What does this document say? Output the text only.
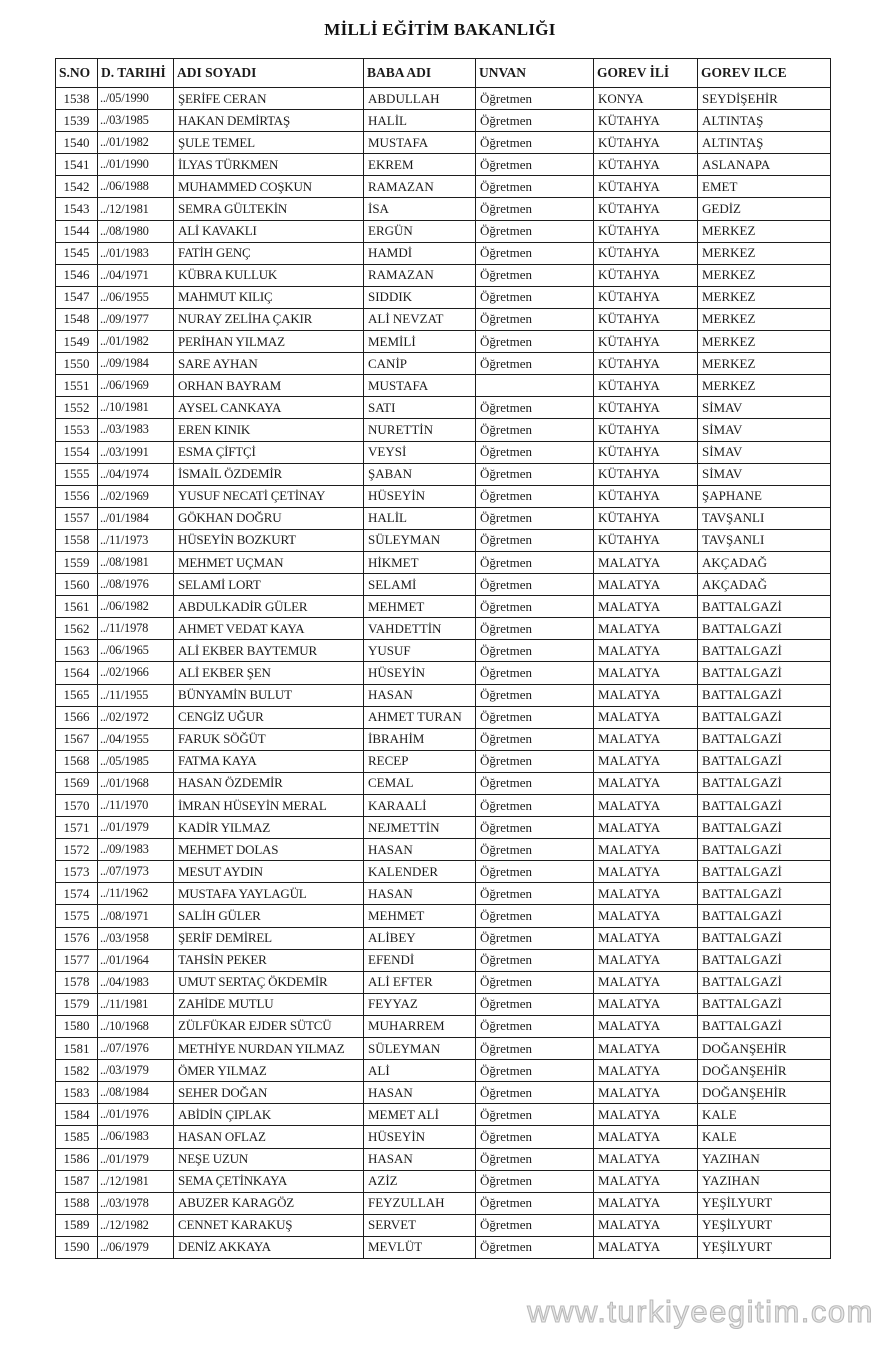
MİLLİ EĞİTİM BAKANLIĞI
S.NO	D. TARIHİ	ADI SOYADI	BABA ADI	UNVAN	GOREV İLİ	GOREV ILCE
1538	../05/1990	ŞERİFE CERAN	ABDULLAH	Öğretmen	KONYA	SEYDİŞEHİR
1539	../03/1985	HAKAN DEMİRTAŞ	HALİL	Öğretmen	KÜTAHYA	ALTINTAŞ
1540	../01/1982	ŞULE TEMEL	MUSTAFA	Öğretmen	KÜTAHYA	ALTINTAŞ
1541	../01/1990	İLYAS TÜRKMEN	EKREM	Öğretmen	KÜTAHYA	ASLANAPA
1542	../06/1988	MUHAMMED COŞKUN	RAMAZAN	Öğretmen	KÜTAHYA	EMET
1543	../12/1981	SEMRA GÜLTEKİN	İSA	Öğretmen	KÜTAHYA	GEDİZ
1544	../08/1980	ALİ KAVAKLI	ERGÜN	Öğretmen	KÜTAHYA	MERKEZ
1545	../01/1983	FATİH GENÇ	HAMDİ	Öğretmen	KÜTAHYA	MERKEZ
1546	../04/1971	KÜBRA KULLUK	RAMAZAN	Öğretmen	KÜTAHYA	MERKEZ
1547	../06/1955	MAHMUT KILIÇ	SIDDIK	Öğretmen	KÜTAHYA	MERKEZ
1548	../09/1977	NURAY ZELİHA ÇAKIR	ALİ NEVZAT	Öğretmen	KÜTAHYA	MERKEZ
1549	../01/1982	PERİHAN YILMAZ	MEMİLİ	Öğretmen	KÜTAHYA	MERKEZ
1550	../09/1984	SARE AYHAN	CANİP	Öğretmen	KÜTAHYA	MERKEZ
1551	../06/1969	ORHAN BAYRAM	MUSTAFA		KÜTAHYA	MERKEZ
1552	../10/1981	AYSEL CANKAYA	SATI	Öğretmen	KÜTAHYA	SİMAV
1553	../03/1983	EREN KINIK	NURETTİN	Öğretmen	KÜTAHYA	SİMAV
1554	../03/1991	ESMA ÇİFTÇİ	VEYSİ	Öğretmen	KÜTAHYA	SİMAV
1555	../04/1974	İSMAİL ÖZDEMİR	ŞABAN	Öğretmen	KÜTAHYA	SİMAV
1556	../02/1969	YUSUF NECATİ ÇETİNAY	HÜSEYİN	Öğretmen	KÜTAHYA	ŞAPHANE
1557	../01/1984	GÖKHAN DOĞRU	HALİL	Öğretmen	KÜTAHYA	TAVŞANLI
1558	../11/1973	HÜSEYİN BOZKURT	SÜLEYMAN	Öğretmen	KÜTAHYA	TAVŞANLI
1559	../08/1981	MEHMET UÇMAN	HİKMET	Öğretmen	MALATYA	AKÇADAĞ
1560	../08/1976	SELAMİ LORT	SELAMİ	Öğretmen	MALATYA	AKÇADAĞ
1561	../06/1982	ABDULKADİR GÜLER	MEHMET	Öğretmen	MALATYA	BATTALGAZİ
1562	../11/1978	AHMET VEDAT KAYA	VAHDETTİN	Öğretmen	MALATYA	BATTALGAZİ
1563	../06/1965	ALİ EKBER BAYTEMUR	YUSUF	Öğretmen	MALATYA	BATTALGAZİ
1564	../02/1966	ALİ EKBER ŞEN	HÜSEYİN	Öğretmen	MALATYA	BATTALGAZİ
1565	../11/1955	BÜNYAMİN BULUT	HASAN	Öğretmen	MALATYA	BATTALGAZİ
1566	../02/1972	CENGİZ UĞUR	AHMET TURAN	Öğretmen	MALATYA	BATTALGAZİ
1567	../04/1955	FARUK SÖĞÜT	İBRAHİM	Öğretmen	MALATYA	BATTALGAZİ
1568	../05/1985	FATMA KAYA	RECEP	Öğretmen	MALATYA	BATTALGAZİ
1569	../01/1968	HASAN ÖZDEMİR	CEMAL	Öğretmen	MALATYA	BATTALGAZİ
1570	../11/1970	İMRAN HÜSEYİN MERAL	KARAALİ	Öğretmen	MALATYA	BATTALGAZİ
1571	../01/1979	KADİR YILMAZ	NEJMETTİN	Öğretmen	MALATYA	BATTALGAZİ
1572	../09/1983	MEHMET DOLAS	HASAN	Öğretmen	MALATYA	BATTALGAZİ
1573	../07/1973	MESUT AYDIN	KALENDER	Öğretmen	MALATYA	BATTALGAZİ
1574	../11/1962	MUSTAFA YAYLAGÜL	HASAN	Öğretmen	MALATYA	BATTALGAZİ
1575	../08/1971	SALİH GÜLER	MEHMET	Öğretmen	MALATYA	BATTALGAZİ
1576	../03/1958	ŞERİF DEMİREL	ALİBEY	Öğretmen	MALATYA	BATTALGAZİ
1577	../01/1964	TAHSİN PEKER	EFENDİ	Öğretmen	MALATYA	BATTALGAZİ
1578	../04/1983	UMUT SERTAÇ ÖKDEMİR	ALİ EFTER	Öğretmen	MALATYA	BATTALGAZİ
1579	../11/1981	ZAHİDE MUTLU	FEYYAZ	Öğretmen	MALATYA	BATTALGAZİ
1580	../10/1968	ZÜLFÜKAR EJDER SÜTCÜ	MUHARREM	Öğretmen	MALATYA	BATTALGAZİ
1581	../07/1976	METHİYE NURDAN YILMAZ	SÜLEYMAN	Öğretmen	MALATYA	DOĞANŞEHİR
1582	../03/1979	ÖMER YILMAZ	ALİ	Öğretmen	MALATYA	DOĞANŞEHİR
1583	../08/1984	SEHER DOĞAN	HASAN	Öğretmen	MALATYA	DOĞANŞEHİR
1584	../01/1976	ABİDİN ÇIPLAK	MEMET ALİ	Öğretmen	MALATYA	KALE
1585	../06/1983	HASAN OFLAZ	HÜSEYİN	Öğretmen	MALATYA	KALE
1586	../01/1979	NEŞE UZUN	HASAN	Öğretmen	MALATYA	YAZIHAN
1587	../12/1981	SEMA ÇETİNKAYA	AZİZ	Öğretmen	MALATYA	YAZIHAN
1588	../03/1978	ABUZER KARAGÖZ	FEYZULLAH	Öğretmen	MALATYA	YEŞİLYURT
1589	../12/1982	CENNET KARAKUŞ	SERVET	Öğretmen	MALATYA	YEŞİLYURT
1590	../06/1979	DENİZ AKKAYA	MEVLÜT	Öğretmen	MALATYA	YEŞİLYURT
www.turkiyeegitim.com
